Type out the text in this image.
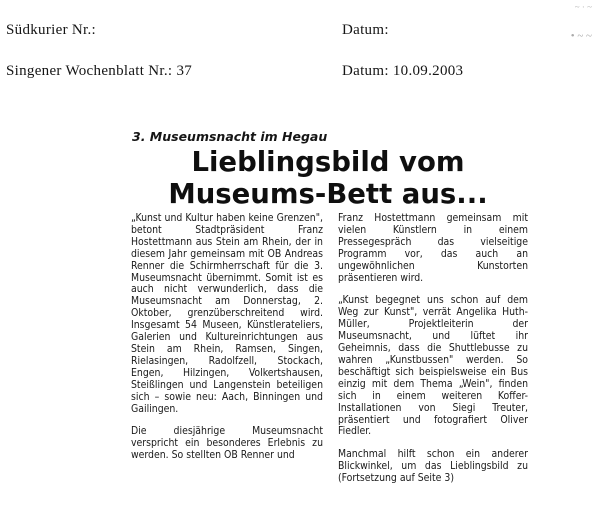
Südkurier Nr.:	Datum:
Singener Wochenblatt Nr.: 37	Datum: 10.09.2003
~ · ~
• ~ ~
3. Museumsnacht im Hegau
Lieblingsbild vom
Museums-Bett aus...

„Kunst und Kultur haben keine Grenzen", betont Stadtpräsident Franz Hostettmann aus Stein am Rhein, der in diesem Jahr gemeinsam mit OB Andreas Renner die Schirmherrschaft für die 3. Museumsnacht übernimmt. Somit ist es auch nicht verwunderlich, dass die Museumsnacht am Donnerstag, 2. Oktober, grenzüberschreitend wird. Insgesamt 54 Museen, Künstlerateliers, Galerien und Kultureinrichtungen aus Stein am Rhein, Ramsen, Singen, Rielasingen, Radolfzell, Stockach, Engen, Hilzingen, Volkertshausen, Steißlingen und Langenstein beteiligen sich – sowie neu: Aach, Binningen und Gailingen.

Die diesjährige Museumsnacht verspricht ein besonderes Erlebnis zu werden. So stellten OB Renner und

Franz Hostettmann gemeinsam mit vielen Künstlern in einem Pressegespräch das vielseitige Programm vor, das auch an ungewöhnlichen Kunstorten präsentieren wird.

„Kunst begegnet uns schon auf dem Weg zur Kunst", verrät Angelika Huth-Müller, Projektleiterin der Museumsnacht, und lüftet ihr Geheimnis, dass die Shuttlebusse zu wahren „Kunstbussen" werden. So beschäftigt sich beispielsweise ein Bus einzig mit dem Thema „Wein", finden sich in einem weiteren Koffer-Installationen von Siegi Treuter, präsentiert und fotografiert Oliver Fiedler.

Manchmal hilft schon ein anderer Blickwinkel, um das Lieblingsbild zu (Fortsetzung auf Seite 3)
